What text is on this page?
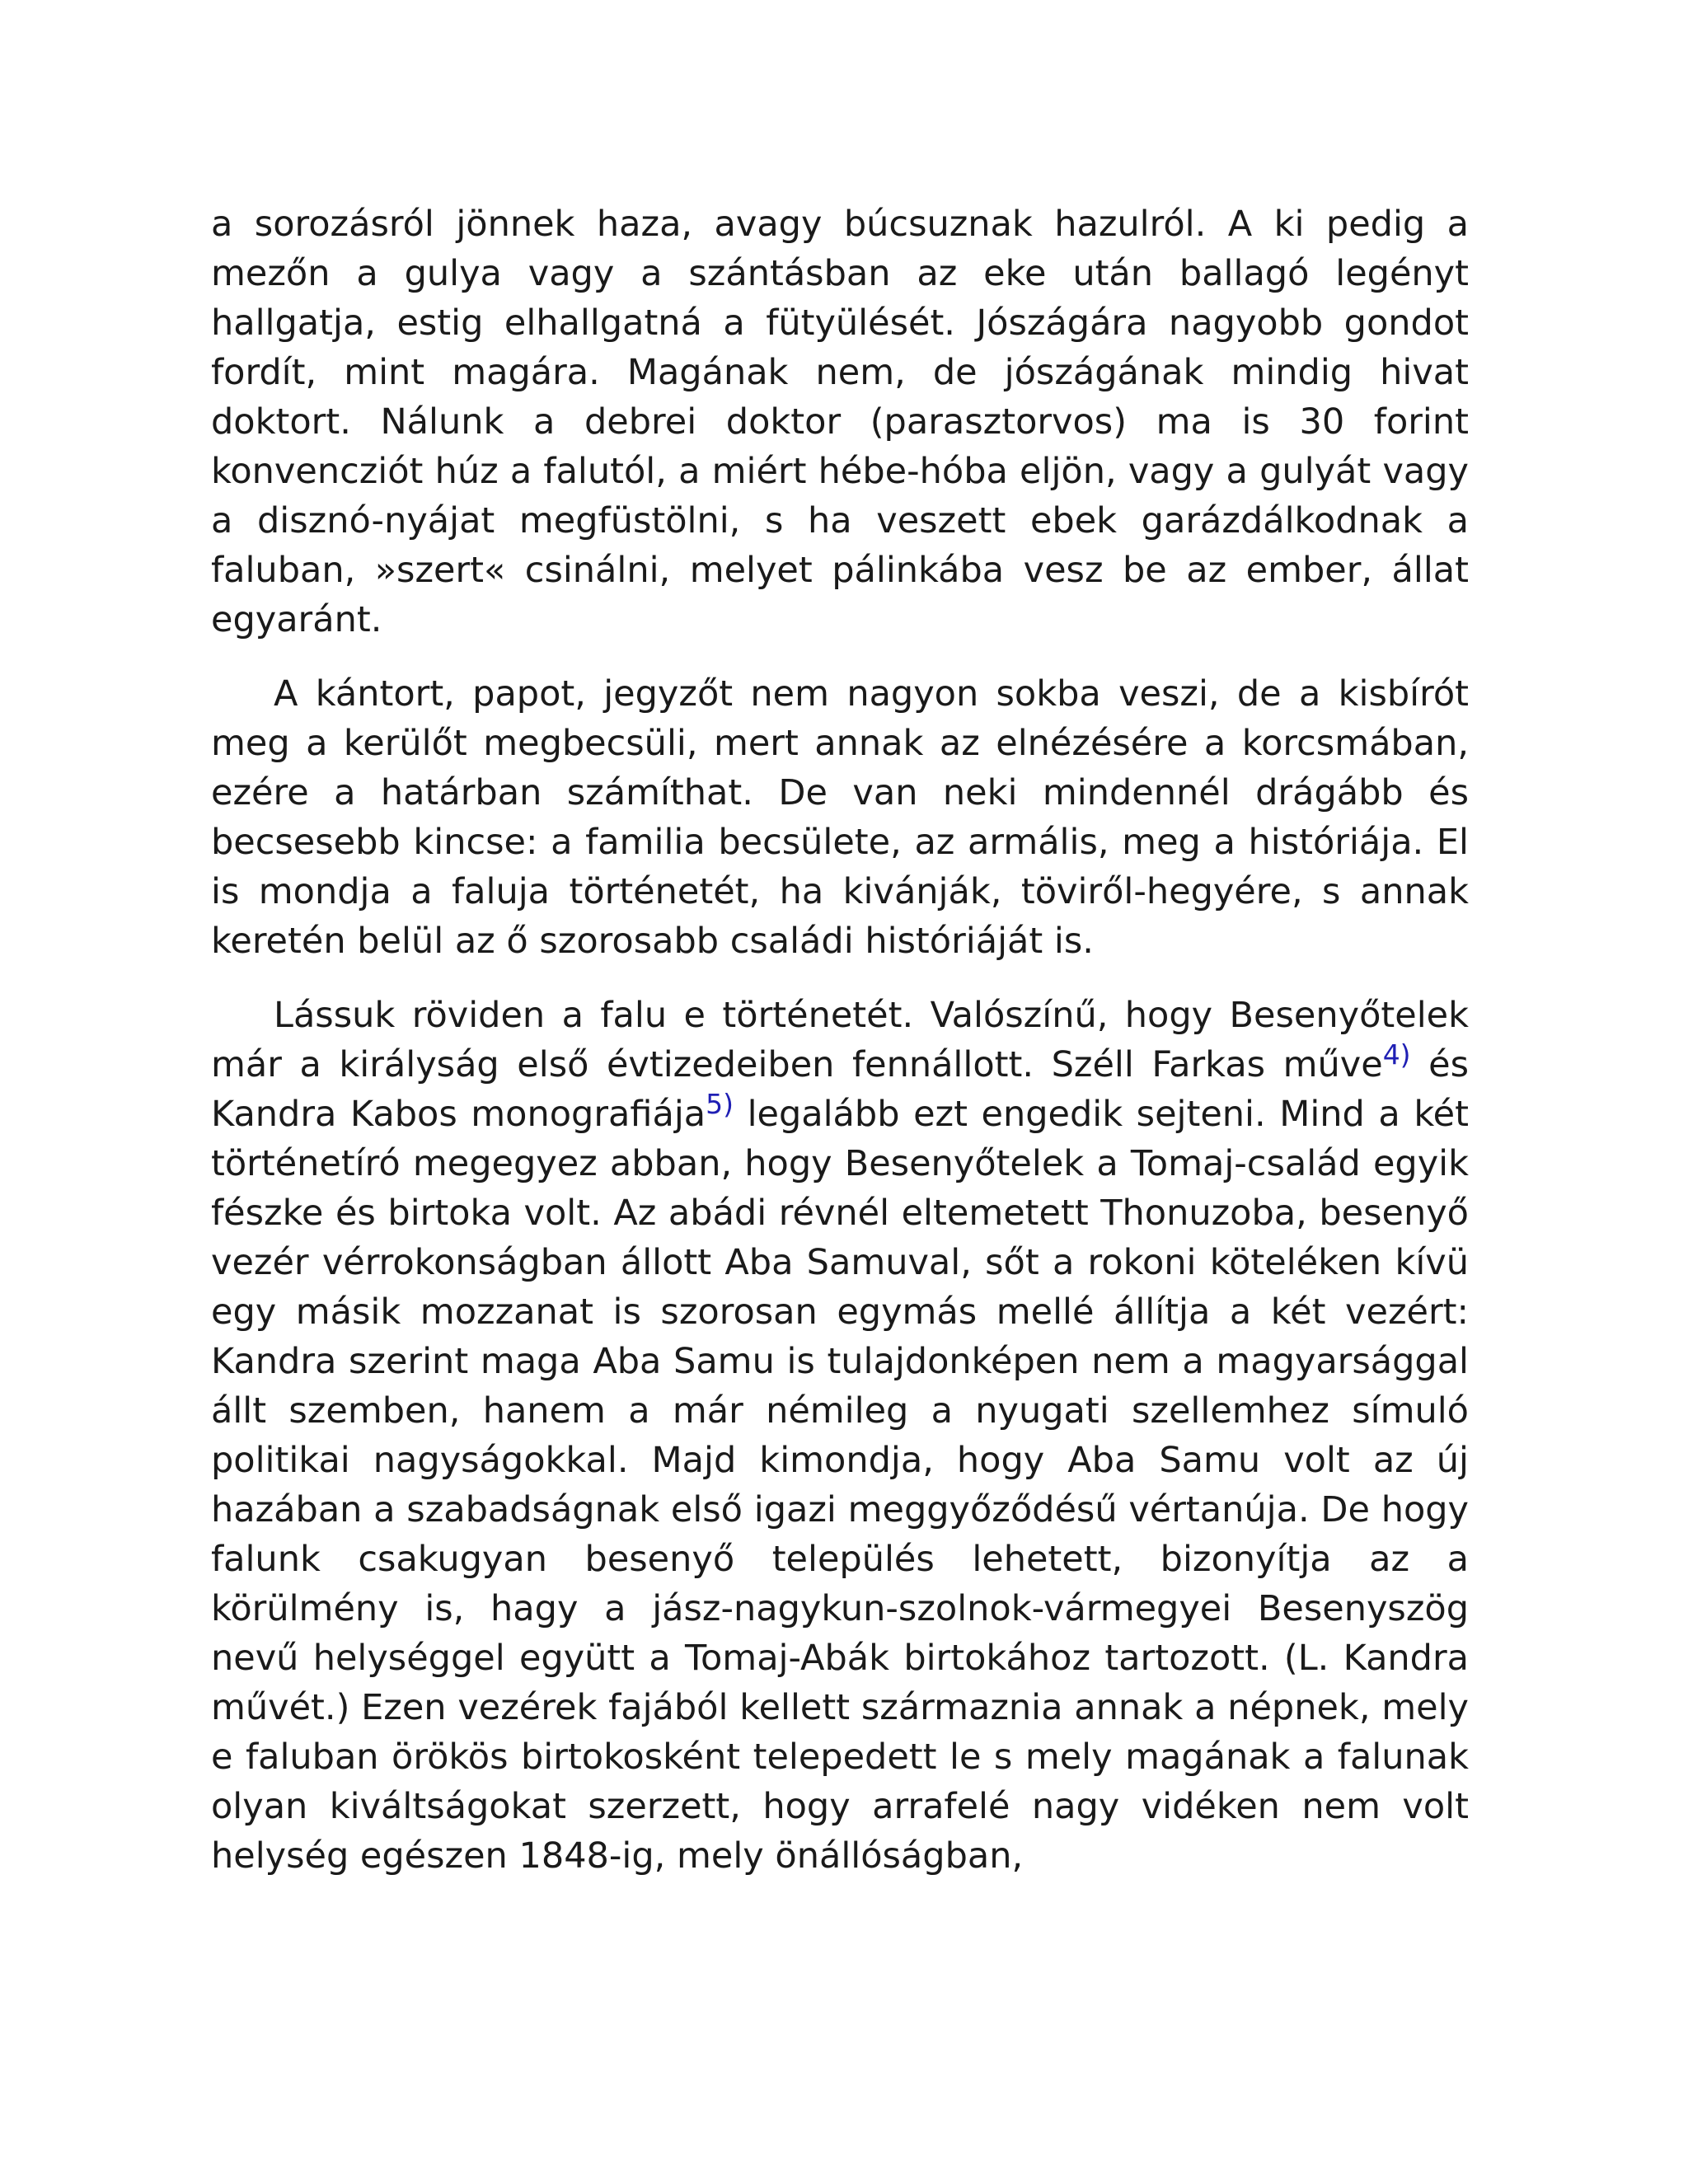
a sorozásról jönnek haza, avagy búcsuznak hazulról. A ki pedig a mezőn a gulya vagy a szántásban az eke után ballagó legényt hallgatja, estig elhallgatná a fütyülését. Jószágára nagyobb gondot fordít, mint magára. Magának nem, de jószágának mindig hivat doktort. Nálunk a debrei doktor (parasztorvos) ma is 30 forint konvencziót húz a falutól, a miért hébe-hóba eljön, vagy a gulyát vagy a disznó-nyájat megfüstölni, s ha veszett ebek garázdálkodnak a faluban, »szert« csinálni, melyet pálinkába vesz be az ember, állat egyaránt.

A kántort, papot, jegyzőt nem nagyon sokba veszi, de a kisbírót meg a kerülőt megbecsüli, mert annak az elnézésére a korcsmában, ezére a határban számíthat. De van neki mindennél drágább és becsesebb kincse: a familia becsülete, az armális, meg a históriája. El is mondja a faluja történetét, ha kivánják, töviről-hegyére, s annak keretén belül az ő szorosabb családi históriáját is.

Lássuk röviden a falu e történetét. Valószínű, hogy Besenyőtelek már a királyság első évtizedeiben fennállott. Széll Farkas műve$^{4)}$ és Kandra Kabos monografiája$^{5)}$ legalább ezt engedik sejteni. Mind a két történetíró megegyez abban, hogy Besenyőtelek a Tomaj-család egyik fészke és birtoka volt. Az abádi révnél eltemetett Thonuzoba, besenyő vezér vérrokonságban állott Aba Samuval, sőt a rokoni köteléken kívü egy másik mozzanat is szorosan egymás mellé állítja a két vezért: Kandra szerint maga Aba Samu is tulajdonképen nem a magyarsággal állt szemben, hanem a már némileg a nyugati szellemhez símuló politikai nagyságokkal. Majd kimondja, hogy Aba Samu volt az új hazában a szabadságnak első igazi meggyőződésű vértanúja. De hogy falunk csakugyan besenyő település lehetett, bizonyítja az a körülmény is, hagy a jász-nagykun-szolnok-vármegyei Besenyszög nevű helységgel együtt a Tomaj-Abák birtokához tartozott. (L. Kandra művét.) Ezen vezérek fajából kellett származnia annak a népnek, mely e faluban örökös birtokosként telepedett le s mely magának a falunak olyan kiváltságokat szerzett, hogy arrafelé nagy vidéken nem volt helység egészen 1848-ig, mely önállóságban,
